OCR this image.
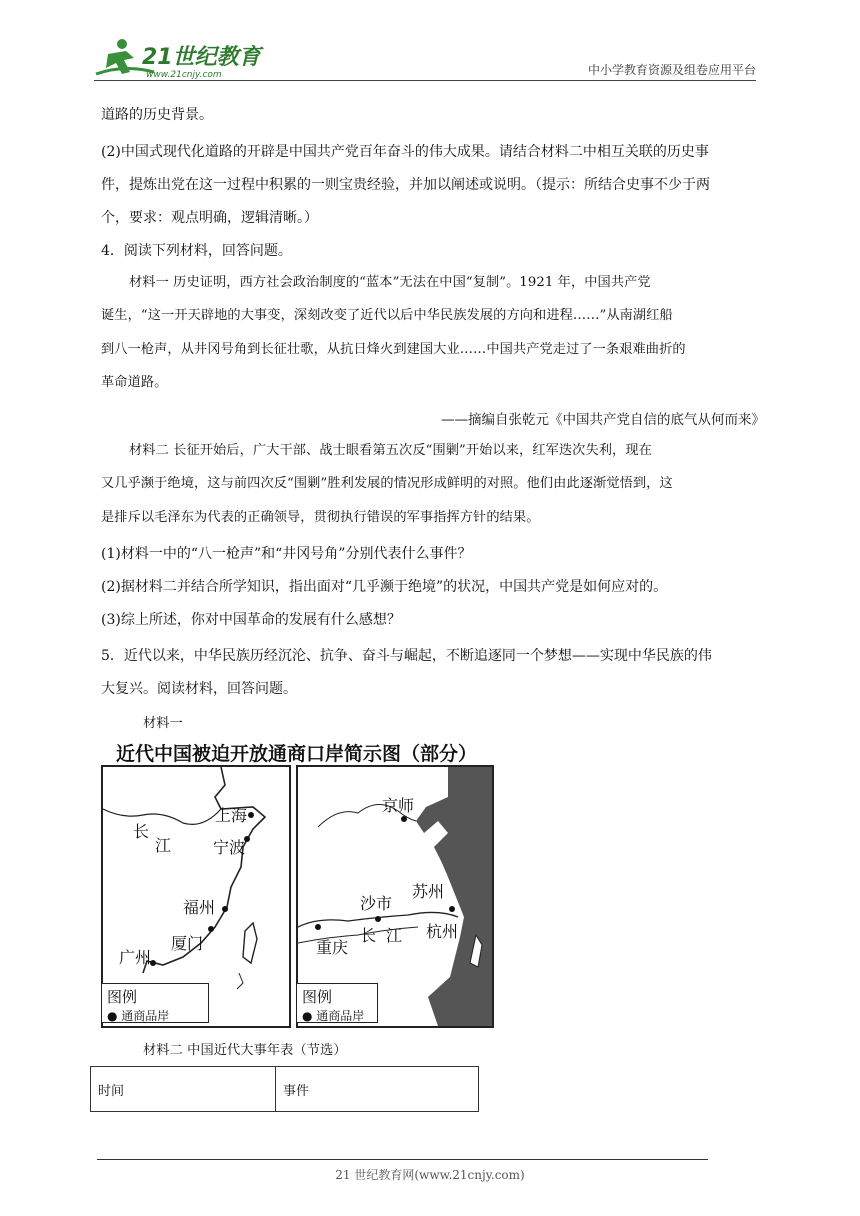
21世纪教育
www.21cnjy.com	中小学教育资源及组卷应用平台
道路的历史背景。
(2)中国式现代化道路的开辟是中国共产党百年奋斗的伟大成果。请结合材料二中相互关联的历史事
件，提炼出党在这一过程中积累的一则宝贵经验，并加以阐述或说明。（提示：所结合史事不少于两
个，要求：观点明确，逻辑清晰。）
4．阅读下列材料，回答问题。
材料一 历史证明，西方社会政治制度的“蓝本”无法在中国“复制”。1921 年，中国共产党
诞生，“这一开天辟地的大事变，深刻改变了近代以后中华民族发展的方向和进程……”从南湖红船
到八一枪声，从井冈号角到长征壮歌，从抗日烽火到建国大业……中国共产党走过了一条艰难曲折的
革命道路。
——摘编自张乾元《中国共产党自信的底气从何而来》
材料二 长征开始后，广大干部、战士眼看第五次反“围剿”开始以来，红军迭次失利，现在
又几乎濒于绝境，这与前四次反“围剿”胜利发展的情况形成鲜明的对照。他们由此逐渐觉悟到，这
是排斥以毛泽东为代表的正确领导，贯彻执行错误的军事指挥方针的结果。
(1)材料一中的“八一枪声”和“井冈号角”分别代表什么事件？
(2)据材料二并结合所学知识，指出面对“几乎濒于绝境”的状况，中国共产党是如何应对的。
(3)综上所述，你对中国革命的发展有什么感想？
5．近代以来，中华民族历经沉沦、抗争、奋斗与崛起，不断追逐同一个梦想——实现中华民族的伟
大复兴。阅读材料，回答问题。
材料一
近代中国被迫开放通商口岸简示图（部分）
上海
长
江	宁波
福州
厦门
广州
图例
● 通商品岸
京师
苏州
沙市
长 江 杭州
重庆
图例
● 通商品岸
材料二 中国近代大事年表（节选）
时间	事件
21 世纪教育网(www.21cnjy.com)
